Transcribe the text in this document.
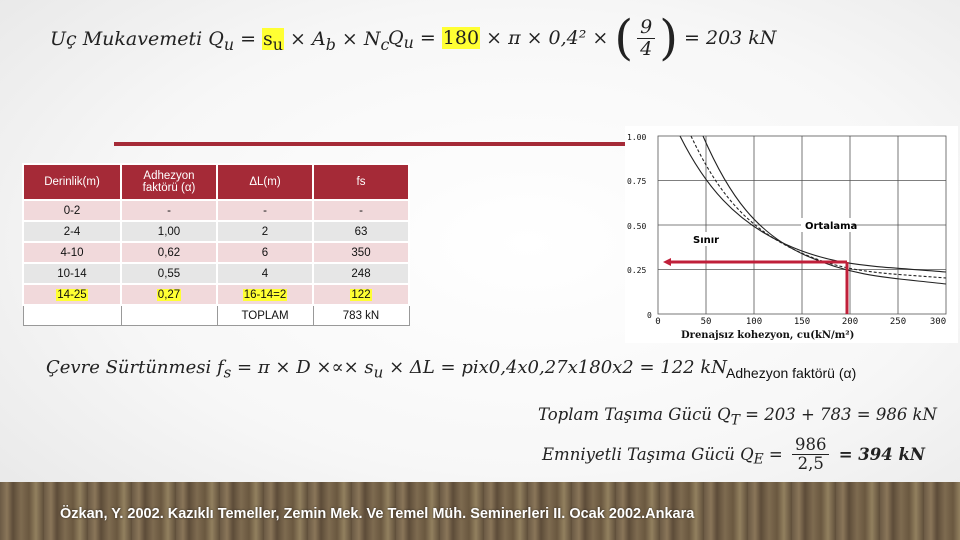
Uç Mukavemeti $Q_u = s_u \times A_b \times N_c$
$Q_u = 180 \times \pi \times 0,4^2$ × ( $\frac{9}{4}$ ) = 203 kN
Derinlik(m)	Adhezyon faktörü (α)	ΔL(m)	fs
0-2	-	-	-
2-4	1,00	2	63
4-10	0,62	6	350
10-14	0,55	4	248
14-25	0,27	16-14=2	122
		TOPLAM	783 kN
1.00
0.75
0.50
0.25
0
0	50	100	150	200	250	300
Ortalama
Sınır
Drenajsız kohezyon, cu(kN/m²)
Adhezyon faktörü (α)
Çevre Sürtünmesi $f_s = \pi \times D$ ×∝× $s_u \times \Delta L = pix0,4x0,27x180x2 = 122$ kN
Toplam Taşıma Gücü $Q_T = 203 + 783 = 986$ kN
Emniyetli Taşıma Gücü $Q_E = \frac{986}{2,5} = 394$ kN
Özkan, Y. 2002. Kazıklı Temeller, Zemin Mek. Ve Temel Müh. Seminerleri II. Ocak 2002.Ankara
